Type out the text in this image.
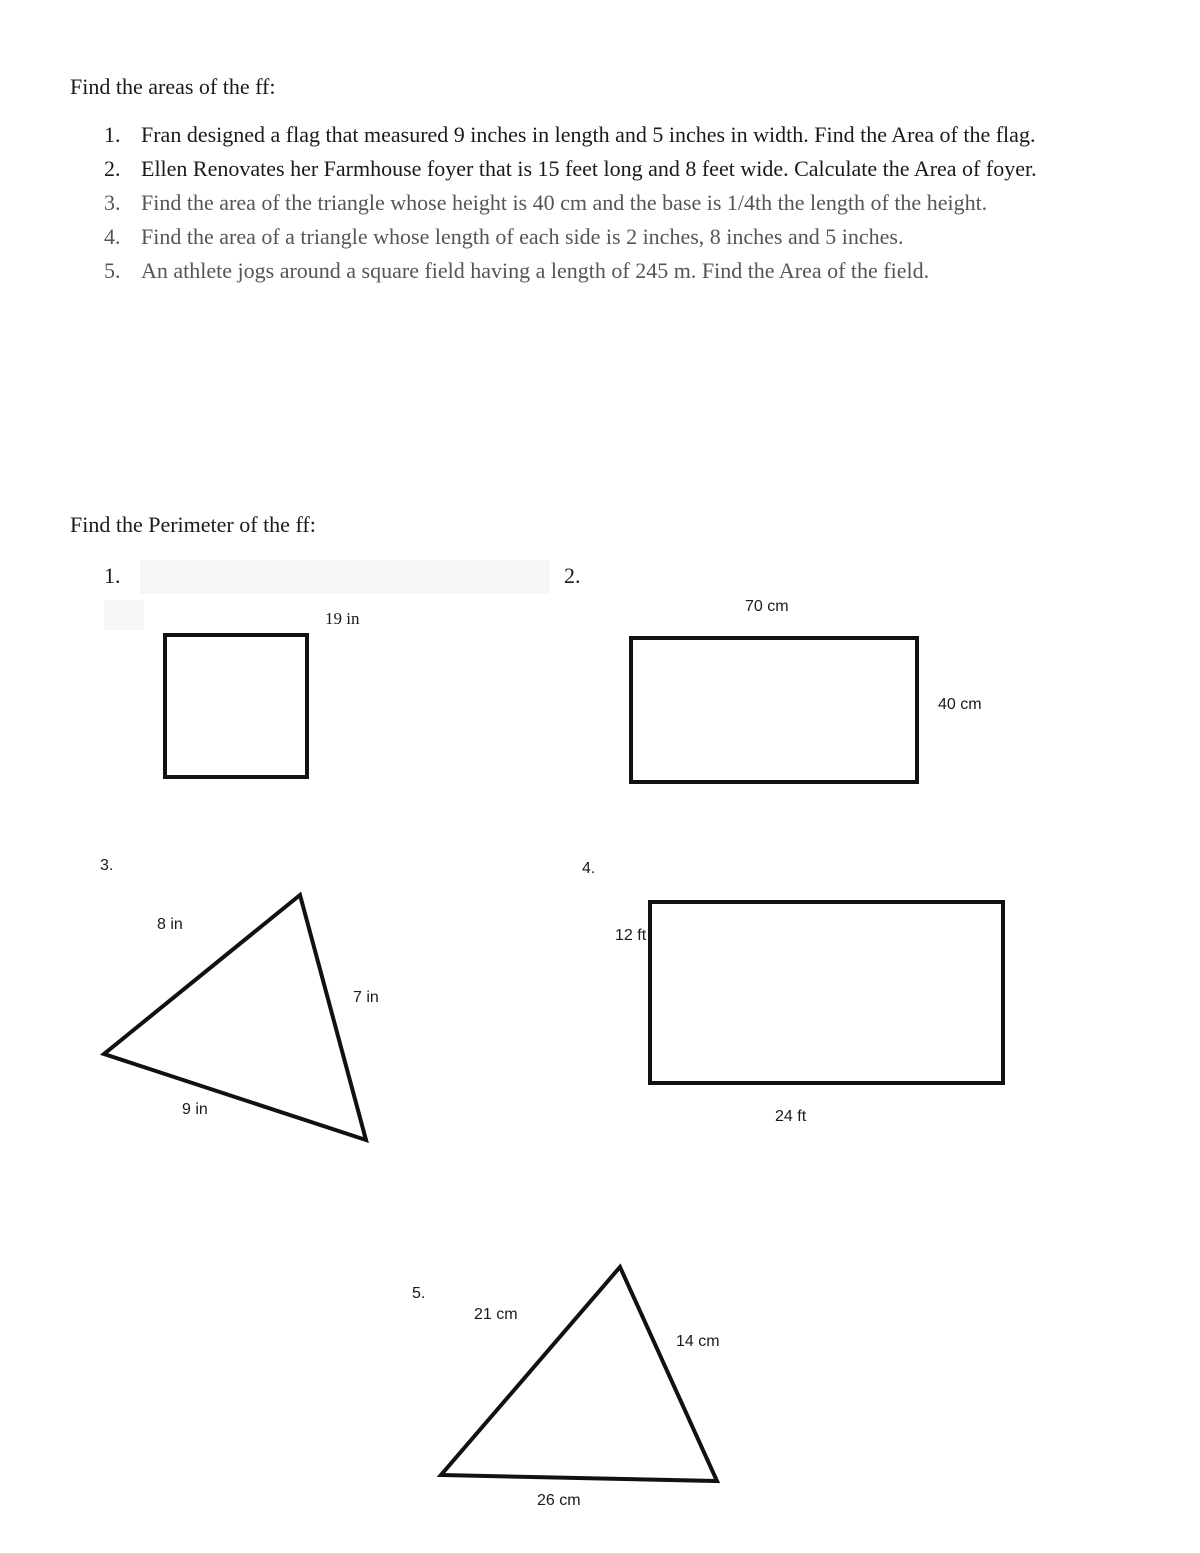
Find the areas of the ff:
1. Fran designed a flag that measured 9 inches in length and 5 inches in width. Find the Area of the flag.
2. Ellen Renovates her Farmhouse foyer that is 15 feet long and 8 feet wide. Calculate the Area of foyer.
3. Find the area of the triangle whose height is 40 cm and the base is 1/4th the length of the height.
4. Find the area of a triangle whose length of each side is 2 inches, 8 inches and 5 inches.
5. An athlete jogs around a square field having a length of 245 m. Find the Area of the field.
Find the Perimeter of the ff:
1.
19 in
2.
70 cm
40 cm
3.
8 in
7 in
9 in
4.
12 ft
24 ft
5.
21 cm
14 cm
26 cm
